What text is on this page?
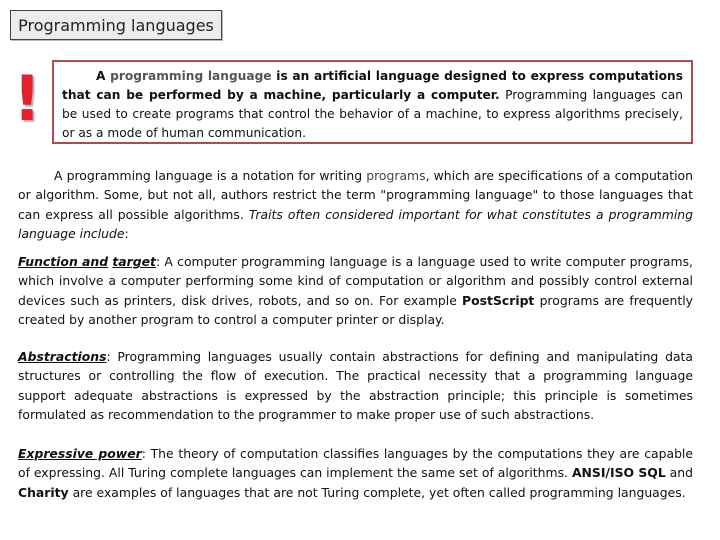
Programming languages
!	A programming language is an artificial language designed to express computations that can be performed by a machine, particularly a computer. Programming languages can be used to create programs that control the behavior of a machine, to express algorithms precisely, or as a mode of human communication.
A programming language is a notation for writing programs, which are specifications of a computation or algorithm. Some, but not all, authors restrict the term "programming language" to those languages that can express all possible algorithms. Traits often considered important for what constitutes a programming language include:
Function and target: A computer programming language is a language used to write computer programs, which involve a computer performing some kind of computation or algorithm and possibly control external devices such as printers, disk drives, robots, and so on. For example PostScript programs are frequently created by another program to control a computer printer or display.
Abstractions: Programming languages usually contain abstractions for defining and manipulating data structures or controlling the flow of execution. The practical necessity that a programming language support adequate abstractions is expressed by the abstraction principle; this principle is sometimes formulated as recommendation to the programmer to make proper use of such abstractions.
Expressive power: The theory of computation classifies languages by the computations they are capable of expressing. All Turing complete languages can implement the same set of algorithms. ANSI/ISO SQL and Charity are examples of languages that are not Turing complete, yet often called programming languages.
